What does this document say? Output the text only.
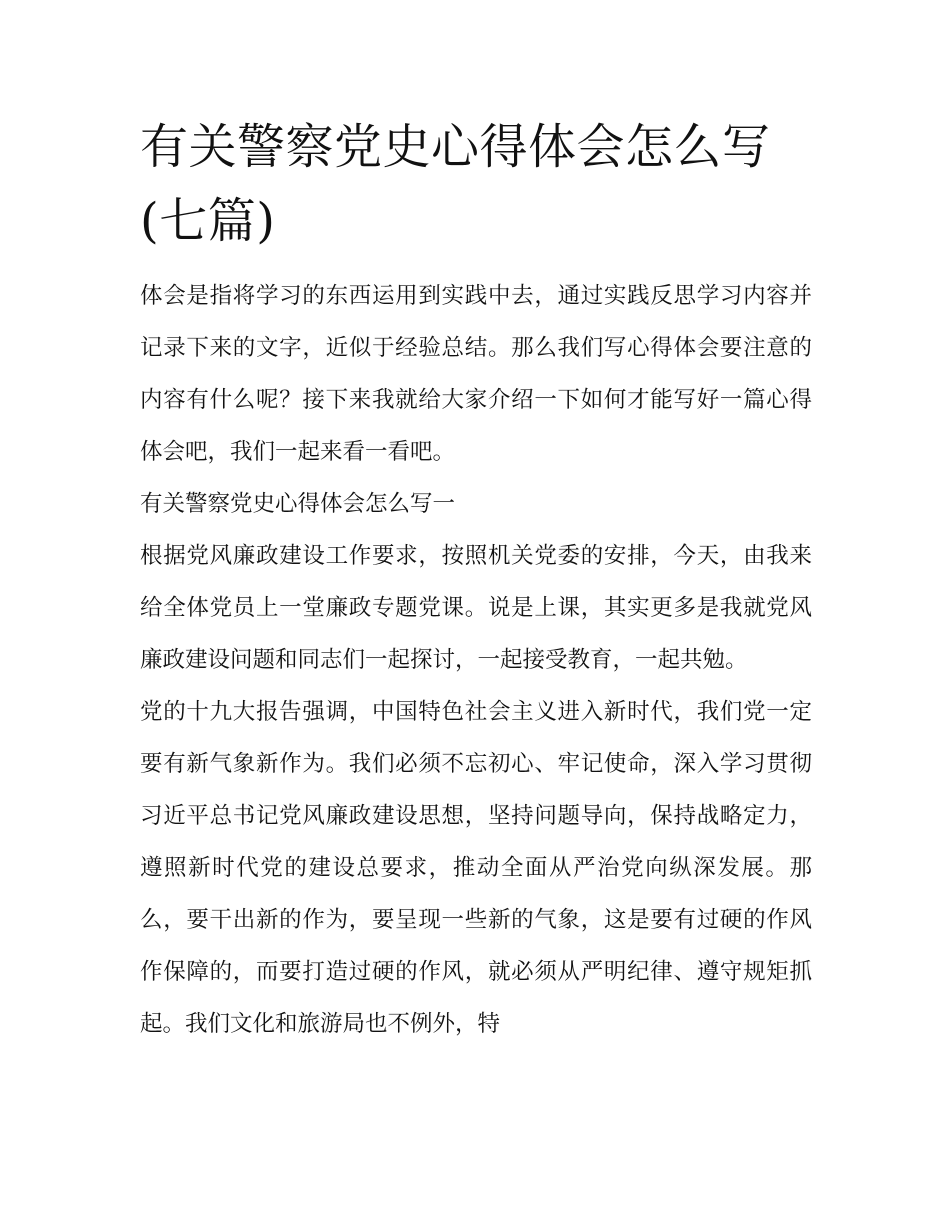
有关警察党史心得体会怎么写(七篇)

体会是指将学习的东西运用到实践中去，通过实践反思学习内容并记录下来的文字，近似于经验总结。那么我们写心得体会要注意的内容有什么呢？接下来我就给大家介绍一下如何才能写好一篇心得体会吧，我们一起来看一看吧。

有关警察党史心得体会怎么写一

根据党风廉政建设工作要求，按照机关党委的安排，今天，由我来给全体党员上一堂廉政专题党课。说是上课，其实更多是我就党风廉政建设问题和同志们一起探讨，一起接受教育，一起共勉。

党的十九大报告强调，中国特色社会主义进入新时代，我们党一定要有新气象新作为。我们必须不忘初心、牢记使命，深入学习贯彻习近平总书记党风廉政建设思想，坚持问题导向，保持战略定力，遵照新时代党的建设总要求，推动全面从严治党向纵深发展。那么，要干出新的作为，要呈现一些新的气象，这是要有过硬的作风作保障的，而要打造过硬的作风，就必须从严明纪律、遵守规矩抓起。我们文化和旅游局也不例外，特
